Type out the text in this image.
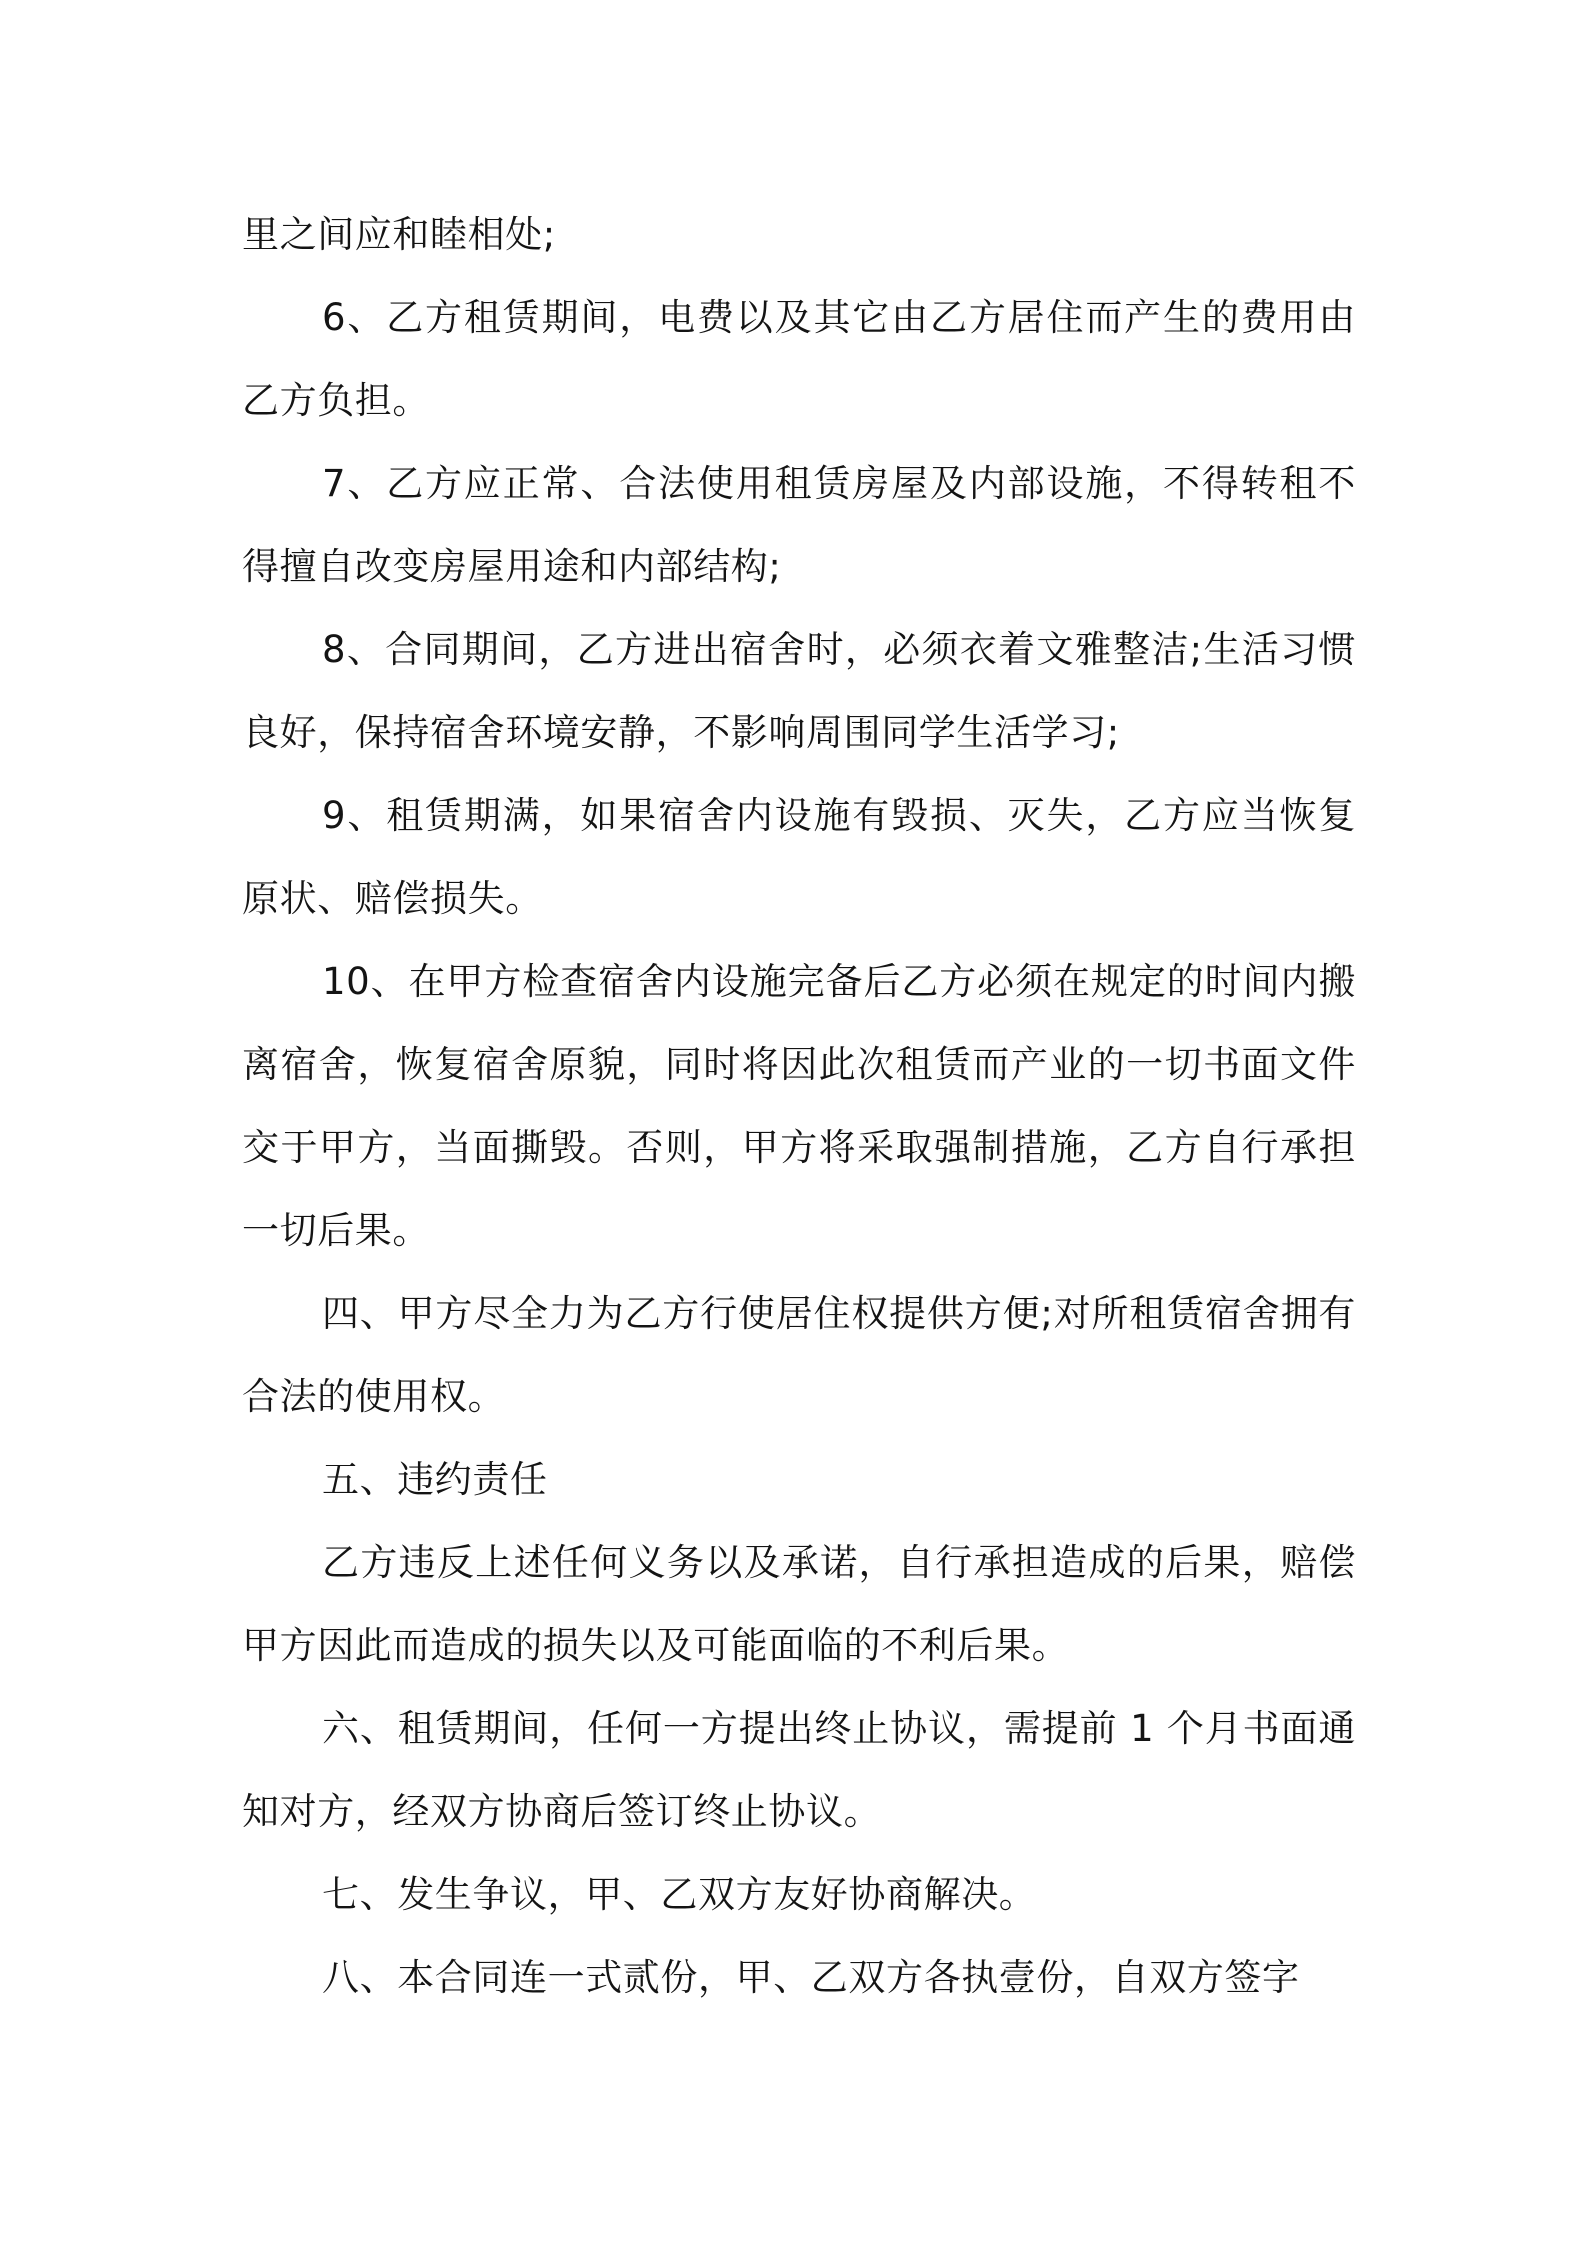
里之间应和睦相处;

6、乙方租赁期间，电费以及其它由乙方居住而产生的费用由乙方负担。

7、乙方应正常、合法使用租赁房屋及内部设施，不得转租不得擅自改变房屋用途和内部结构;

8、合同期间，乙方进出宿舍时，必须衣着文雅整洁;生活习惯良好，保持宿舍环境安静，不影响周围同学生活学习;

9、租赁期满，如果宿舍内设施有毁损、灭失，乙方应当恢复原状、赔偿损失。

10、在甲方检查宿舍内设施完备后乙方必须在规定的时间内搬离宿舍，恢复宿舍原貌，同时将因此次租赁而产业的一切书面文件交于甲方，当面撕毁。否则，甲方将采取强制措施，乙方自行承担一切后果。

四、甲方尽全力为乙方行使居住权提供方便;对所租赁宿舍拥有合法的使用权。

五、违约责任

乙方违反上述任何义务以及承诺，自行承担造成的后果，赔偿甲方因此而造成的损失以及可能面临的不利后果。

六、租赁期间，任何一方提出终止协议，需提前 1 个月书面通知对方，经双方协商后签订终止协议。

七、发生争议，甲、乙双方友好协商解决。

八、本合同连一式贰份，甲、乙双方各执壹份，自双方签字
